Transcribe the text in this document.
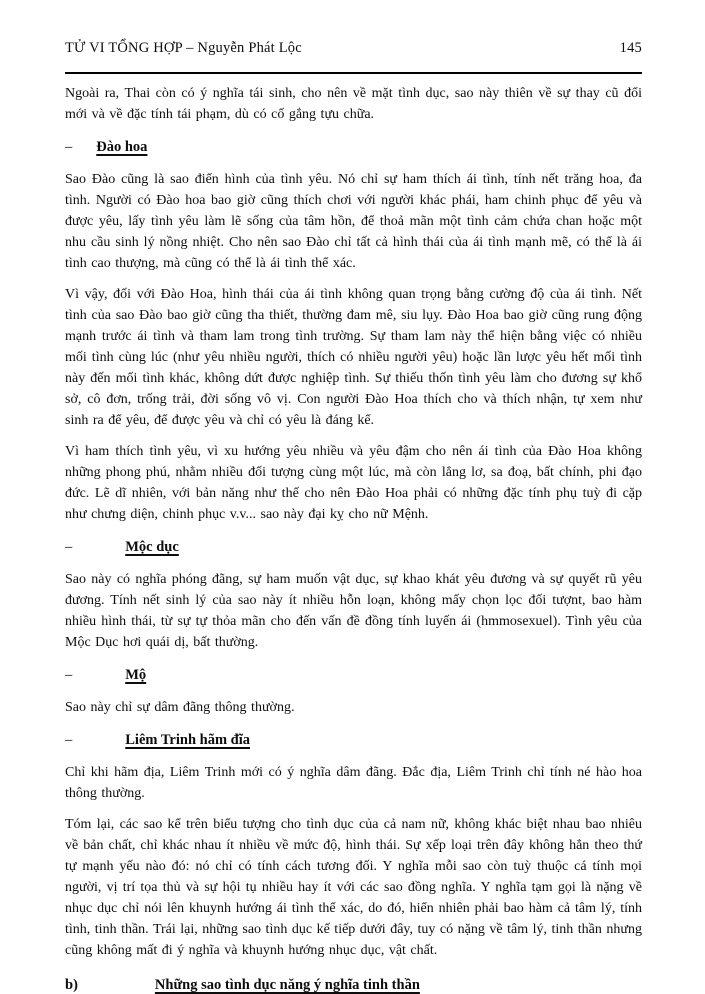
TỬ VI TỔNG HỢP – Nguyễn Phát Lộc	145

Ngoài ra, Thai còn có ý nghĩa tái sinh, cho nên về mặt tình dục, sao này thiên về sự thay cũ đổi mới và về đặc tính tái phạm, dù có cố gắng tựu chữa.

– Đào hoa

Sao Đào cũng là sao điển hình của tình yêu. Nó chỉ sự ham thích ái tình, tính nết trăng hoa, đa tình. Người có Đào hoa bao giờ cũng thích chơi với người khác phái, ham chinh phục để yêu và được yêu, lấy tình yêu làm lẽ sống của tâm hồn, để thoả mãn một tình cảm chứa chan hoặc một nhu cầu sinh lý nồng nhiệt. Cho nên sao Đào chỉ tất cả hình thái của ái tình mạnh mẽ, có thể là ái tình cao thượng, mà cũng có thể là ái tình thể xác.

Vì vậy, đối với Đào Hoa, hình thái của ái tình không quan trọng bằng cường độ của ái tình. Nết tình của sao Đào bao giờ cũng tha thiết, thường đam mê, siu lụy. Đào Hoa bao giờ cũng rung động mạnh trước ái tình và tham lam trong tình trường. Sự tham lam này thể hiện bằng việc có nhiều mối tình cùng lúc (như yêu nhiều người, thích có nhiều người yêu) hoặc lần lược yêu hết mối tình này đến mối tình khác, không dứt được nghiệp tình. Sự thiếu thốn tình yêu làm cho đương sự khổ sở, cô đơn, trống trải, đời sống vô vị. Con người Đào Hoa thích cho và thích nhận, tự xem như sinh ra để yêu, để được yêu và chỉ có yêu là đáng kể.

Vì ham thích tình yêu, vì xu hướng yêu nhiều và yêu đậm cho nên ái tình của Đào Hoa không những phong phú, nhằm nhiều đối tượng cùng một lúc, mà còn lẳng lơ, sa đoạ, bất chính, phi đạo đức. Lẽ dĩ nhiên, với bản năng như thế cho nên Đào Hoa phải có những đặc tính phụ tuỳ đi cặp như chưng diện, chinh phục v.v... sao này đại kỵ cho nữ Mệnh.

–	Mộc dục

Sao này có nghĩa phóng đãng, sự ham muốn vật dục, sự khao khát yêu đương và sự quyết rũ yêu đương. Tính nết sinh lý của sao này ít nhiều hỗn loạn, không mấy chọn lọc đối tượnt, bao hàm nhiều hình thái, từ sự tự thỏa mãn cho đến vấn đề đồng tính luyến ái (hmmosexuel). Tình yêu của Mộc Dục hơi quái dị, bất thường.

–	Mộ

Sao này chỉ sự dâm đãng thông thường.

–	Liêm Trinh hãm đĩa

Chỉ khi hãm địa, Liêm Trinh mới có ý nghĩa dâm đãng. Đắc địa, Liêm Trinh chỉ tính né hào hoa thông thường.

Tóm lại, các sao kể trên biểu tượng cho tình dục của cả nam nữ, không khác biệt nhau bao nhiêu về bản chất, chỉ khác nhau ít nhiều về mức độ, hình thái. Sự xếp loại trên đây không hẳn theo thứ tự mạnh yếu nào đó: nó chỉ có tính cách tương đối. Y nghĩa mỗi sao còn tuỳ thuộc cá tính mọi người, vị trí tọa thủ và sự hội tụ nhiều hay ít với các sao đồng nghĩa. Y nghĩa tạm gọi là nặng về nhục dục chỉ nói lên khuynh hướng ái tình thể xác, do đó, hiển nhiên phải bao hàm cả tâm lý, tính tình, tinh thần. Trái lại, những sao tình dục kế tiếp dưới đây, tuy có nặng về tâm lý, tinh thần nhưng cũng không mất đi ý nghĩa và khuynh hướng nhục dục, vật chất.

b)	Những sao tình dục năng ý nghĩa tinh thần
